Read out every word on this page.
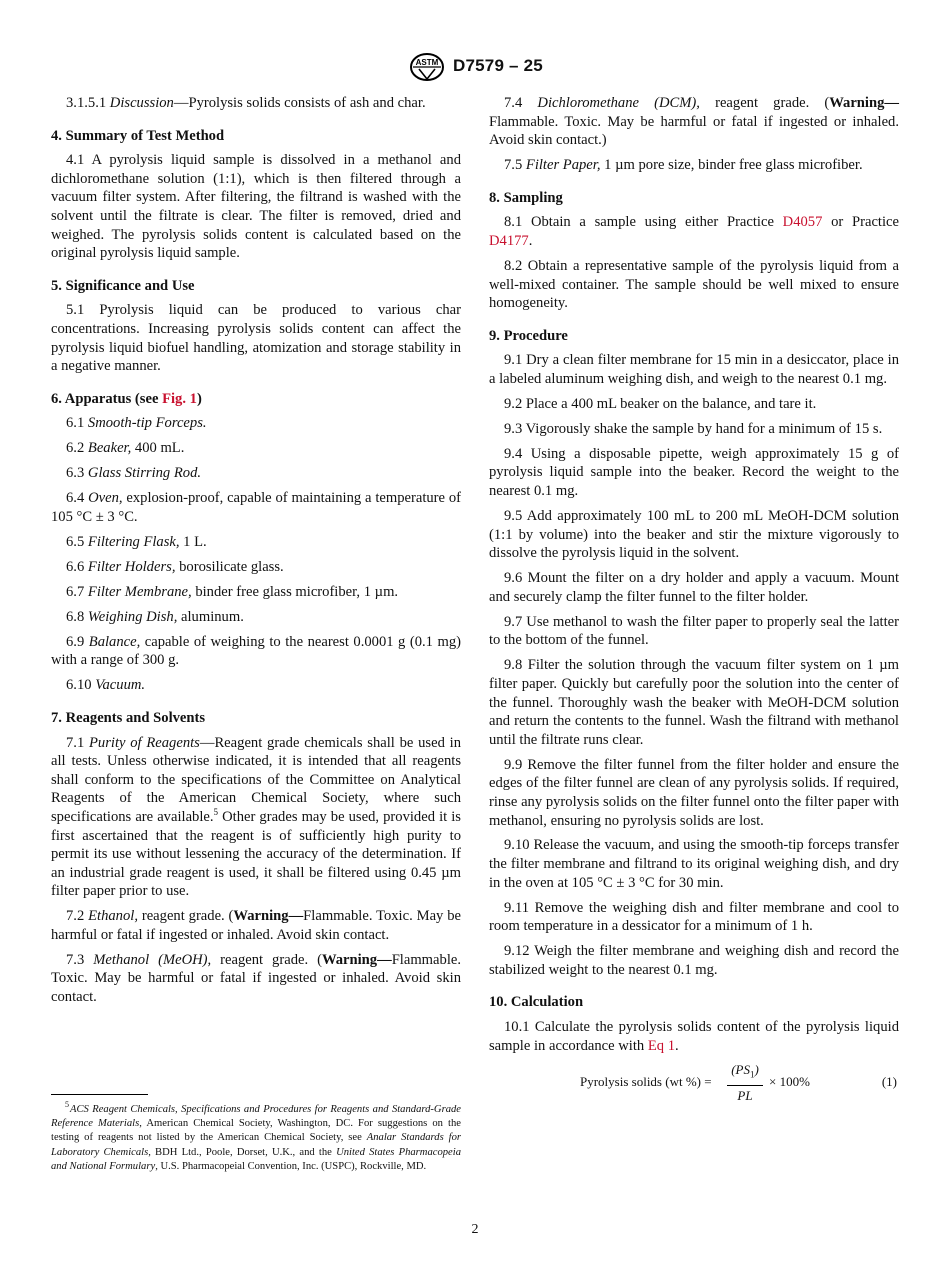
ASTM D7579 – 25

3.1.5.1 Discussion—Pyrolysis solids consists of ash and char.

4. Summary of Test Method

4.1 A pyrolysis liquid sample is dissolved in a methanol and dichloromethane solution (1:1), which is then filtered through a vacuum filter system. After filtering, the filtrand is washed with the solvent until the filtrate is clear. The filter is removed, dried and weighed. The pyrolysis solids content is calculated based on the original pyrolysis liquid sample.

5. Significance and Use

5.1 Pyrolysis liquid can be produced to various char concentrations. Increasing pyrolysis solids content can affect the pyrolysis liquid biofuel handling, atomization and storage stability in a negative manner.

6. Apparatus (see Fig. 1)

6.1 Smooth-tip Forceps.

6.2 Beaker, 400 mL.

6.3 Glass Stirring Rod.

6.4 Oven, explosion-proof, capable of maintaining a temperature of 105 °C ± 3 °C.

6.5 Filtering Flask, 1 L.

6.6 Filter Holders, borosilicate glass.

6.7 Filter Membrane, binder free glass microfiber, 1 µm.

6.8 Weighing Dish, aluminum.

6.9 Balance, capable of weighing to the nearest 0.0001 g (0.1 mg) with a range of 300 g.

6.10 Vacuum.

7. Reagents and Solvents

7.1 Purity of Reagents—Reagent grade chemicals shall be used in all tests. Unless otherwise indicated, it is intended that all reagents shall conform to the specifications of the Committee on Analytical Reagents of the American Chemical Society, where such specifications are available.$^5$ Other grades may be used, provided it is first ascertained that the reagent is of sufficiently high purity to permit its use without lessening the accuracy of the determination. If an industrial grade reagent is used, it shall be filtered using 0.45 µm filter paper prior to use.

7.2 Ethanol, reagent grade. (Warning—Flammable. Toxic. May be harmful or fatal if ingested or inhaled. Avoid skin contact.

7.3 Methanol (MeOH), reagent grade. (Warning—Flammable. Toxic. May be harmful or fatal if ingested or inhaled. Avoid skin contact.

$^5$ACS Reagent Chemicals, Specifications and Procedures for Reagents and Standard-Grade Reference Materials, American Chemical Society, Washington, DC. For suggestions on the testing of reagents not listed by the American Chemical Society, see Analar Standards for Laboratory Chemicals, BDH Ltd., Poole, Dorset, U.K., and the United States Pharmacopeia and National Formulary, U.S. Pharmacopeial Convention, Inc. (USPC), Rockville, MD.

7.4 Dichloromethane (DCM), reagent grade. (Warning—Flammable. Toxic. May be harmful or fatal if ingested or inhaled. Avoid skin contact.)

7.5 Filter Paper, 1 µm pore size, binder free glass microfiber.

8. Sampling

8.1 Obtain a sample using either Practice D4057 or Practice D4177.

8.2 Obtain a representative sample of the pyrolysis liquid from a well-mixed container. The sample should be well mixed to ensure homogeneity.

9. Procedure

9.1 Dry a clean filter membrane for 15 min in a desiccator, place in a labeled aluminum weighing dish, and weigh to the nearest 0.1 mg.

9.2 Place a 400 mL beaker on the balance, and tare it.

9.3 Vigorously shake the sample by hand for a minimum of 15 s.

9.4 Using a disposable pipette, weigh approximately 15 g of pyrolysis liquid sample into the beaker. Record the weight to the nearest 0.1 mg.

9.5 Add approximately 100 mL to 200 mL MeOH-DCM solution (1:1 by volume) into the beaker and stir the mixture vigorously to dissolve the pyrolysis liquid in the solvent.

9.6 Mount the filter on a dry holder and apply a vacuum. Mount and securely clamp the filter funnel to the filter holder.

9.7 Use methanol to wash the filter paper to properly seal the latter to the bottom of the funnel.

9.8 Filter the solution through the vacuum filter system on 1 µm filter paper. Quickly but carefully poor the solution into the center of the funnel. Thoroughly wash the beaker with MeOH-DCM solution and return the contents to the funnel. Wash the filtrand with methanol until the filtrate runs clear.

9.9 Remove the filter funnel from the filter holder and ensure the edges of the filter funnel are clean of any pyrolysis solids. If required, rinse any pyrolysis solids on the filter funnel onto the filter paper with methanol, ensuring no pyrolysis solids are lost.

9.10 Release the vacuum, and using the smooth-tip forceps transfer the filter membrane and filtrand to its original weighing dish, and dry in the oven at 105 °C ± 3 °C for 30 min.

9.11 Remove the weighing dish and filter membrane and cool to room temperature in a dessicator for a minimum of 1 h.

9.12 Weigh the filter membrane and weighing dish and record the stabilized weight to the nearest 0.1 mg.

10. Calculation

10.1 Calculate the pyrolysis solids content of the pyrolysis liquid sample in accordance with Eq 1.

Pyrolysis solids (wt %) = $\frac{(PS_1)}{PL} \times 100\%$	(1)
2
